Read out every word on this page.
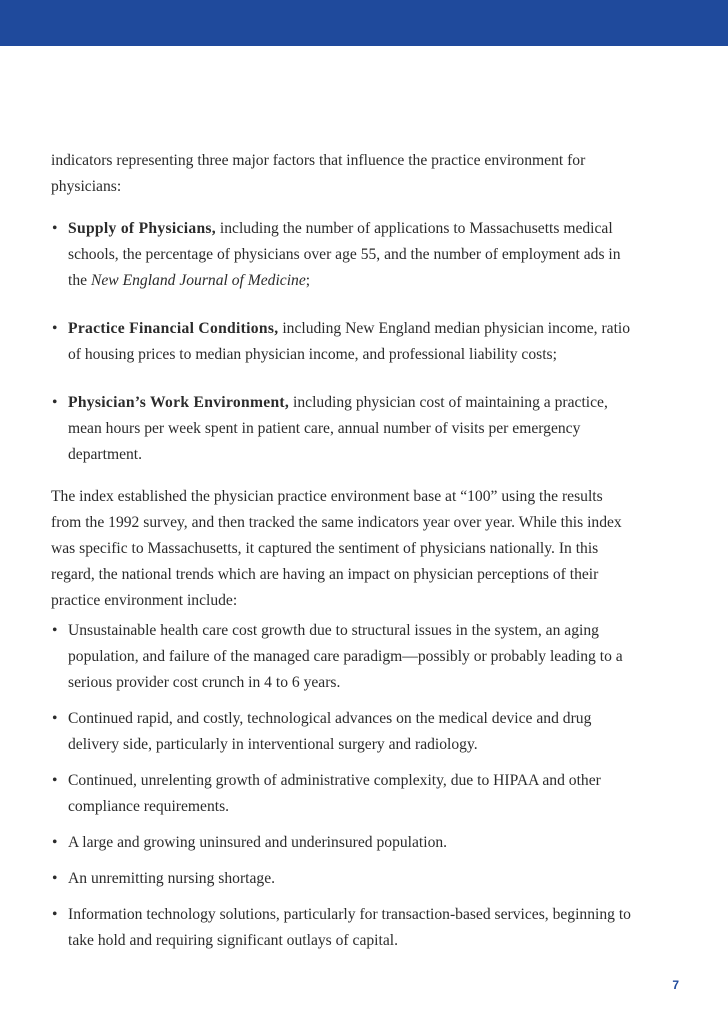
indicators representing three major factors that influence the practice environment for physicians:

• Supply of Physicians, including the number of applications to Massachusetts medical schools, the percentage of physicians over age 55, and the number of employment ads in the New England Journal of Medicine;

• Practice Financial Conditions, including New England median physician income, ratio of housing prices to median physician income, and professional liability costs;

• Physician’s Work Environment, including physician cost of maintaining a practice, mean hours per week spent in patient care, annual number of visits per emergency department.

The index established the physician practice environment base at “100” using the results from the 1992 survey, and then tracked the same indicators year over year. While this index was specific to Massachusetts, it captured the sentiment of physicians nationally. In this regard, the national trends which are having an impact on physician perceptions of their practice environment include:

• Unsustainable health care cost growth due to structural issues in the system, an aging population, and failure of the managed care paradigm—possibly or probably leading to a serious provider cost crunch in 4 to 6 years.

• Continued rapid, and costly, technological advances on the medical device and drug delivery side, particularly in interventional surgery and radiology.

• Continued, unrelenting growth of administrative complexity, due to HIPAA and other compliance requirements.

• A large and growing uninsured and underinsured population.

• An unremitting nursing shortage.

• Information technology solutions, particularly for transaction-based services, beginning to take hold and requiring significant outlays of capital.

7
